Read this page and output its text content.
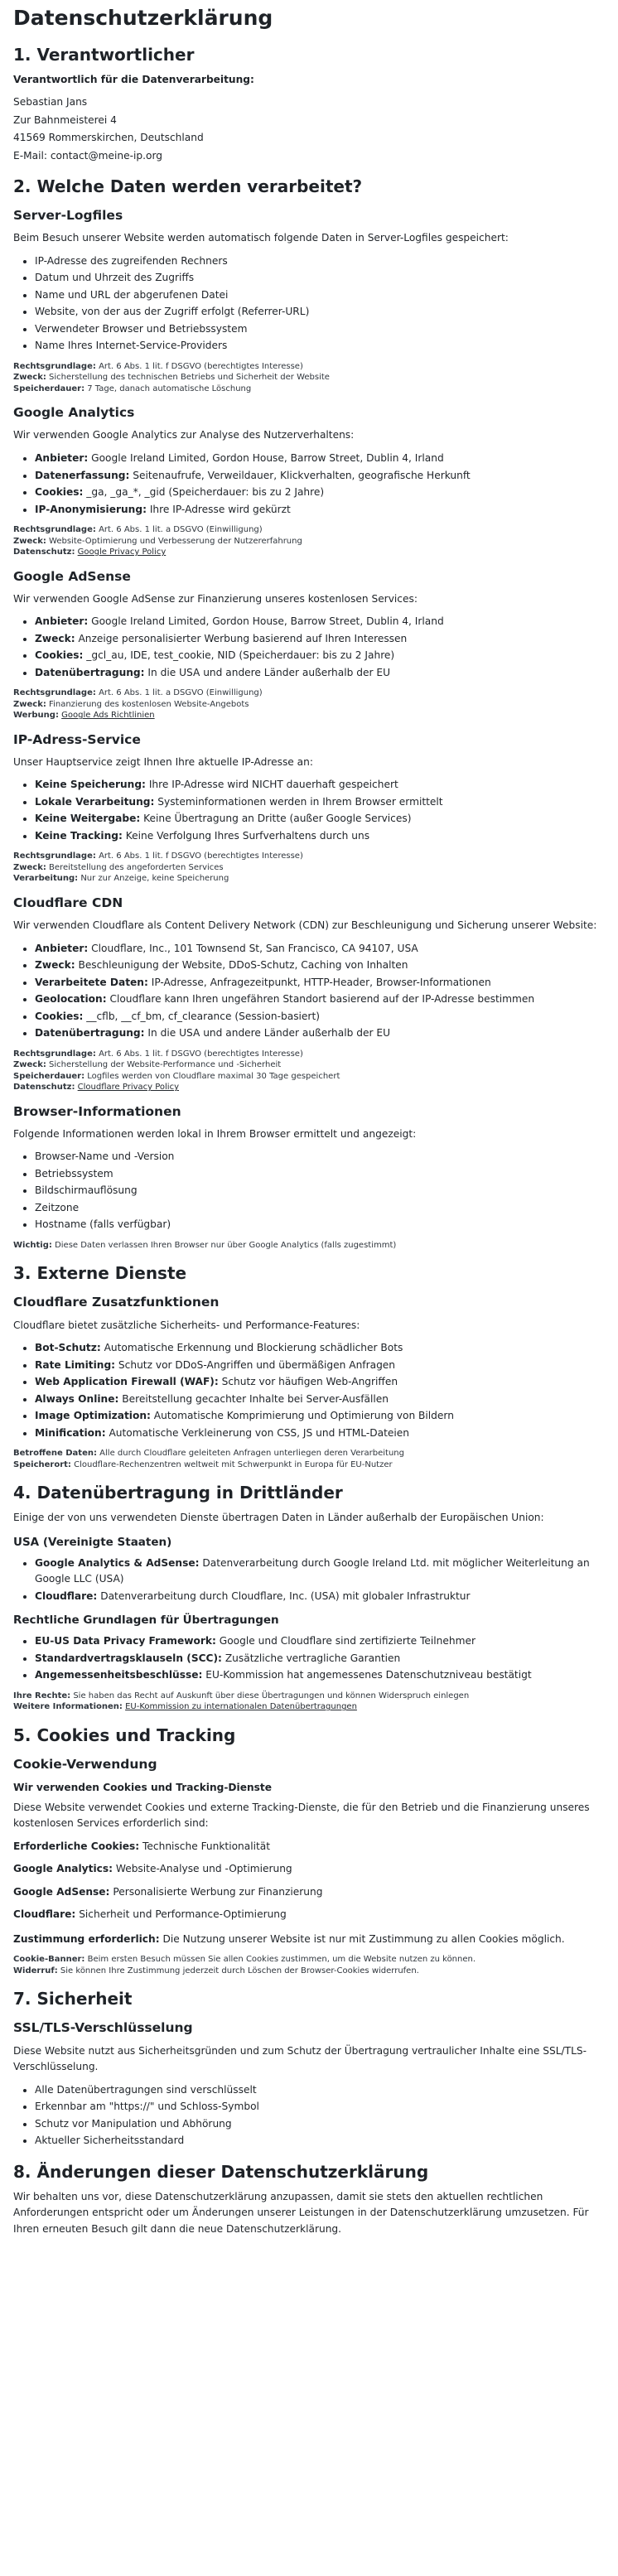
Datenschutzerklärung
1. Verantwortlicher

Verantwortlich für die Datenverarbeitung:

Sebastian Jans

Zur Bahnmeisterei 4

41569 Rommerskirchen, Deutschland

E-Mail: contact@meine-ip.org

2. Welche Daten werden verarbeitet?
Server-Logfiles

Beim Besuch unserer Website werden automatisch folgende Daten in Server-Logfiles gespeichert:

• IP-Adresse des zugreifenden Rechners
• Datum und Uhrzeit des Zugriffs
• Name und URL der abgerufenen Datei
• Website, von der aus der Zugriff erfolgt (Referrer-URL)
• Verwendeter Browser und Betriebssystem
• Name Ihres Internet-Service-Providers
Rechtsgrundlage: Art. 6 Abs. 1 lit. f DSGVO (berechtigtes Interesse)
Zweck: Sicherstellung des technischen Betriebs und Sicherheit der Website
Speicherdauer: 7 Tage, danach automatische Löschung
Google Analytics

Wir verwenden Google Analytics zur Analyse des Nutzerverhaltens:

• Anbieter: Google Ireland Limited, Gordon House, Barrow Street, Dublin 4, Irland
• Datenerfassung: Seitenaufrufe, Verweildauer, Klickverhalten, geografische Herkunft
• Cookies: _ga, _ga_*, _gid (Speicherdauer: bis zu 2 Jahre)
• IP-Anonymisierung: Ihre IP-Adresse wird gekürzt
Rechtsgrundlage: Art. 6 Abs. 1 lit. a DSGVO (Einwilligung)
Zweck: Website-Optimierung und Verbesserung der Nutzererfahrung
Datenschutz: Google Privacy Policy
Google AdSense

Wir verwenden Google AdSense zur Finanzierung unseres kostenlosen Services:

• Anbieter: Google Ireland Limited, Gordon House, Barrow Street, Dublin 4, Irland
• Zweck: Anzeige personalisierter Werbung basierend auf Ihren Interessen
• Cookies: _gcl_au, IDE, test_cookie, NID (Speicherdauer: bis zu 2 Jahre)
• Datenübertragung: In die USA und andere Länder außerhalb der EU
Rechtsgrundlage: Art. 6 Abs. 1 lit. a DSGVO (Einwilligung)
Zweck: Finanzierung des kostenlosen Website-Angebots
Werbung: Google Ads Richtlinien
IP-Adress-Service

Unser Hauptservice zeigt Ihnen Ihre aktuelle IP-Adresse an:

• Keine Speicherung: Ihre IP-Adresse wird NICHT dauerhaft gespeichert
• Lokale Verarbeitung: Systeminformationen werden in Ihrem Browser ermittelt
• Keine Weitergabe: Keine Übertragung an Dritte (außer Google Services)
• Keine Tracking: Keine Verfolgung Ihres Surfverhaltens durch uns
Rechtsgrundlage: Art. 6 Abs. 1 lit. f DSGVO (berechtigtes Interesse)
Zweck: Bereitstellung des angeforderten Services
Verarbeitung: Nur zur Anzeige, keine Speicherung
Cloudflare CDN

Wir verwenden Cloudflare als Content Delivery Network (CDN) zur Beschleunigung und Sicherung unserer Website:

• Anbieter: Cloudflare, Inc., 101 Townsend St, San Francisco, CA 94107, USA
• Zweck: Beschleunigung der Website, DDoS-Schutz, Caching von Inhalten
• Verarbeitete Daten: IP-Adresse, Anfragezeitpunkt, HTTP-Header, Browser-Informationen
• Geolocation: Cloudflare kann Ihren ungefähren Standort basierend auf der IP-Adresse bestimmen
• Cookies: __cflb, __cf_bm, cf_clearance (Session-basiert)
• Datenübertragung: In die USA und andere Länder außerhalb der EU
Rechtsgrundlage: Art. 6 Abs. 1 lit. f DSGVO (berechtigtes Interesse)
Zweck: Sicherstellung der Website-Performance und -Sicherheit
Speicherdauer: Logfiles werden von Cloudflare maximal 30 Tage gespeichert
Datenschutz: Cloudflare Privacy Policy
Browser-Informationen

Folgende Informationen werden lokal in Ihrem Browser ermittelt und angezeigt:

• Browser-Name und -Version
• Betriebssystem
• Bildschirmauflösung
• Zeitzone
• Hostname (falls verfügbar)
Wichtig: Diese Daten verlassen Ihren Browser nur über Google Analytics (falls zugestimmt)
3. Externe Dienste
Cloudflare Zusatzfunktionen

Cloudflare bietet zusätzliche Sicherheits- und Performance-Features:

• Bot-Schutz: Automatische Erkennung und Blockierung schädlicher Bots
• Rate Limiting: Schutz vor DDoS-Angriffen und übermäßigen Anfragen
• Web Application Firewall (WAF): Schutz vor häufigen Web-Angriffen
• Always Online: Bereitstellung gecachter Inhalte bei Server-Ausfällen
• Image Optimization: Automatische Komprimierung und Optimierung von Bildern
• Minification: Automatische Verkleinerung von CSS, JS und HTML-Dateien
Betroffene Daten: Alle durch Cloudflare geleiteten Anfragen unterliegen deren Verarbeitung
Speicherort: Cloudflare-Rechenzentren weltweit mit Schwerpunkt in Europa für EU-Nutzer
4. Datenübertragung in Drittländer

Einige der von uns verwendeten Dienste übertragen Daten in Länder außerhalb der Europäischen Union:

USA (Vereinigte Staaten)
• Google Analytics & AdSense: Datenverarbeitung durch Google Ireland Ltd. mit möglicher Weiterleitung an Google LLC (USA)
• Cloudflare: Datenverarbeitung durch Cloudflare, Inc. (USA) mit globaler Infrastruktur
Rechtliche Grundlagen für Übertragungen
• EU-US Data Privacy Framework: Google und Cloudflare sind zertifizierte Teilnehmer
• Standardvertragsklauseln (SCC): Zusätzliche vertragliche Garantien
• Angemessenheitsbeschlüsse: EU-Kommission hat angemessenes Datenschutzniveau bestätigt
Ihre Rechte: Sie haben das Recht auf Auskunft über diese Übertragungen und können Widerspruch einlegen
Weitere Informationen: EU-Kommission zu internationalen Datenübertragungen
5. Cookies und Tracking
Cookie-Verwendung
Wir verwenden Cookies und Tracking-Dienste

Diese Website verwendet Cookies und externe Tracking-Dienste, die für den Betrieb und die Finanzierung unseres kostenlosen Services erforderlich sind:

Erforderliche Cookies: Technische Funktionalität

Google Analytics: Website-Analyse und -Optimierung

Google AdSense: Personalisierte Werbung zur Finanzierung

Cloudflare: Sicherheit und Performance-Optimierung

Zustimmung erforderlich: Die Nutzung unserer Website ist nur mit Zustimmung zu allen Cookies möglich.

Cookie-Banner: Beim ersten Besuch müssen Sie allen Cookies zustimmen, um die Website nutzen zu können.
Widerruf: Sie können Ihre Zustimmung jederzeit durch Löschen der Browser-Cookies widerrufen.
7. Sicherheit
SSL/TLS-Verschlüsselung

Diese Website nutzt aus Sicherheitsgründen und zum Schutz der Übertragung vertraulicher Inhalte eine SSL/TLS-Verschlüsselung.

• Alle Datenübertragungen sind verschlüsselt
• Erkennbar am "https://" und Schloss-Symbol
• Schutz vor Manipulation und Abhörung
• Aktueller Sicherheitsstandard
8. Änderungen dieser Datenschutzerklärung

Wir behalten uns vor, diese Datenschutzerklärung anzupassen, damit sie stets den aktuellen rechtlichen Anforderungen entspricht oder um Änderungen unserer Leistungen in der Datenschutzerklärung umzusetzen. Für Ihren erneuten Besuch gilt dann die neue Datenschutzerklärung.
